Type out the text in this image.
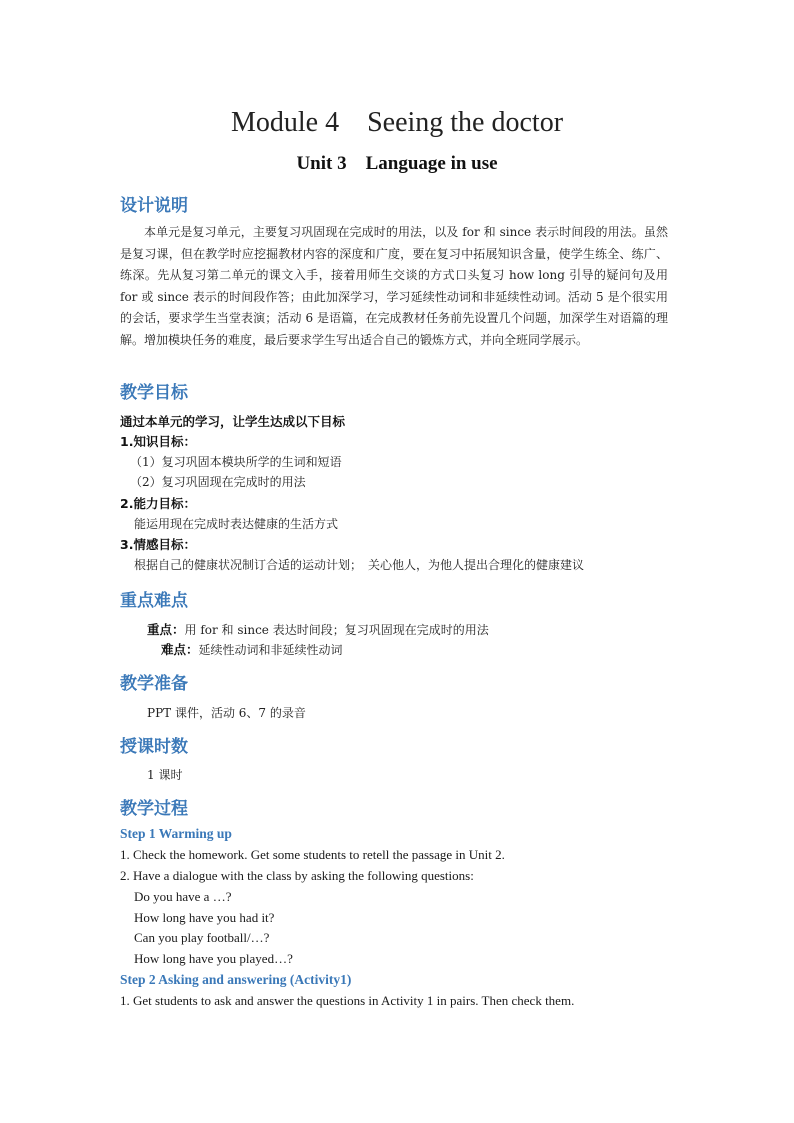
Module 4　Seeing the doctor
Unit 3　Language in use
设计说明

本单元是复习单元，主要复习巩固现在完成时的用法，以及 for 和 since 表示时间段的用法。虽然是复习课，但在教学时应挖掘教材内容的深度和广度，要在复习中拓展知识含量，使学生练全、练广、练深。先从复习第二单元的课文入手，接着用师生交谈的方式口头复习 how long 引导的疑问句及用 for 或 since 表示的时间段作答；由此加深学习，学习延续性动词和非延续性动词。活动 5 是个很实用的会话，要求学生当堂表演；活动 6 是语篇，在完成教材任务前先设置几个问题，加深学生对语篇的理解。增加模块任务的难度，最后要求学生写出适合自己的锻炼方式，并向全班同学展示。

教学目标
通过本单元的学习，让学生达成以下目标
1.知识目标：
（1）复习巩固本模块所学的生词和短语
（2）复习巩固现在完成时的用法
2.能力目标：
能运用现在完成时表达健康的生活方式
3.情感目标：
根据自己的健康状况制订合适的运动计划；　关心他人，为他人提出合理化的健康建议
重点难点
重点：用 for 和 since 表达时间段；复习巩固现在完成时的用法
难点：延续性动词和非延续性动词
教学准备
PPT 课件，活动 6、7 的录音
授课时数
1 课时
教学过程
Step 1 Warming up
1. Check the homework. Get some students to retell the passage in Unit 2.
2. Have a dialogue with the class by asking the following questions:
Do you have a …?
How long have you had it?
Can you play football/…?
How long have you played…?
Step 2 Asking and answering (Activity1)
1. Get students to ask and answer the questions in Activity 1 in pairs. Then check them.
